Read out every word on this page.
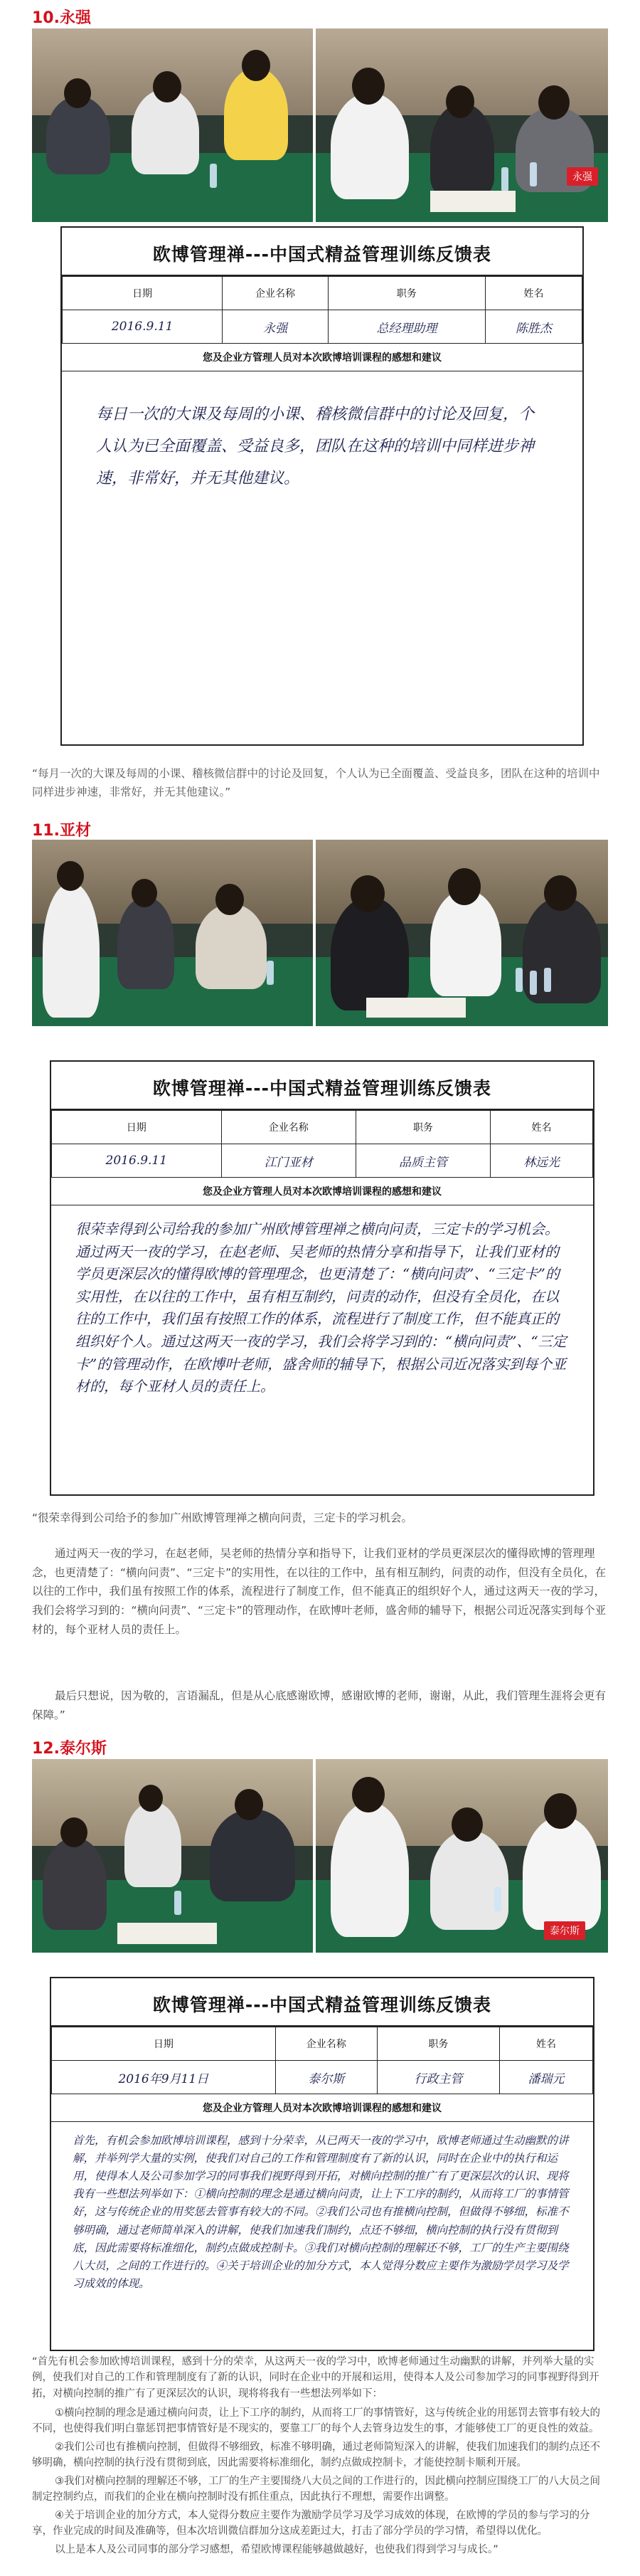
10.永强
永强
欧博管理禅---中国式精益管理训练反馈表
日期	企业名称	职务	姓名
2016.9.11	永强	总经理助理	陈胜杰
您及企业方管理人员对本次欧博培训课程的感想和建议
每日一次的大课及每周的小课、稽核微信群中的讨论及回复，个人认为已全面覆盖、受益良多，团队在这种的培训中同样进步神速，非常好，并无其他建议。
“每月一次的大课及每周的小课、稽核微信群中的讨论及回复，个人认为已全面覆盖、受益良多，团队在这种的培训中同样进步神速，非常好，并无其他建议。”
11.亚材
欧博管理禅---中国式精益管理训练反馈表
日期	企业名称	职务	姓名
2016.9.11	江门亚材	品质主管	林远光
您及企业方管理人员对本次欧博培训课程的感想和建议
很荣幸得到公司给我的参加广州欧博管理禅之横向问责，三定卡的学习机会。通过两天一夜的学习，在赵老师、吴老师的热情分享和指导下，让我们亚材的学员更深层次的懂得欧博的管理理念，也更清楚了：“横向问责”、“三定卡”的实用性，在以往的工作中，虽有相互制约，问责的动作，但没有全员化，在以往的工作中，我们虽有按照工作的体系，流程进行了制度工作，但不能真正的组织好个人。通过这两天一夜的学习，我们会将学习到的：“横向问责”、“三定卡”的管理动作，在欧博叶老师，盛舍师的辅导下，根据公司近况落实到每个亚材的，每个亚材人员的责任上。

“很荣幸得到公司给予的参加广州欧博管理禅之横向问责，三定卡的学习机会。

通过两天一夜的学习，在赵老师，吴老师的热情分享和指导下，让我们亚材的学员更深层次的懂得欧博的管理理念，也更清楚了：“横向问责”、“三定卡”的实用性，在以往的工作中，虽有相互制约，问责的动作，但没有全员化，在以往的工作中，我们虽有按照工作的体系，流程进行了制度工作，但不能真正的组织好个人，通过这两天一夜的学习，我们会将学习到的：“横向问责”、“三定卡”的管理动作，在欧博叶老师，盛舍师的辅导下，根据公司近况落实到每个亚材的，每个亚材人员的责任上。

最后只想说，因为敬的，言语漏乱，但是从心底感谢欧博，感谢欧博的老师，谢谢，从此，我们管理生涯将会更有保障。”

12.泰尔斯
泰尔斯
欧博管理禅---中国式精益管理训练反馈表
日期	企业名称	职务	姓名
2016年9月11日	泰尔斯	行政主管	潘瑞元
您及企业方管理人员对本次欧博培训课程的感想和建议
首先，有机会参加欧博培训课程，感到十分荣幸，从已两天一夜的学习中，欧博老师通过生动幽默的讲解，并举列学大量的实例，使我们对自己的工作和管理制度有了新的认识，同时在企业中的执行和运用，使得本人及公司参加学习的同事我们视野得到开拓，对横向控制的推广有了更深层次的认识、现将我有一些想法列举如下：①横向控制的理念是通过横向问责，让上下工序的制约，从而将工厂的事情管好，这与传统企业的用奖惩去管事有较大的不同。②我们公司也有推横向控制，但做得不够细，标准不够明确，通过老师简单深入的讲解，使我们加速我们制约，点还不够细，横向控制的执行没有贯彻到底，因此需要将标准细化，制约点做成控制卡。③我们对横向控制的理解还不够，工厂的生产主要围绕八大员，之间的工作进行的。④关于培训企业的加分方式，本人觉得分数应主要作为激励学员学习及学习成效的体现。

“首先有机会参加欧博培训课程，感到十分的荣幸，从这两天一夜的学习中，欧博老师通过生动幽默的讲解，并列举大量的实例，使我们对自己的工作和管理制度有了新的认识，同时在企业中的开展和运用，使得本人及公司参加学习的同事视野得到开拓，对横向控制的推广有了更深层次的认识，现将将我有一些想法列举如下：

①横向控制的理念是通过横向问责，让上下工序的制约，从而将工厂的事情管好，这与传统企业的用惩罚去管事有较大的不同，也使得我们明白靠惩罚把事情管好是不现实的，要靠工厂的每个人去管身边发生的事，才能够使工厂的更良性的效益。

②我们公司也有推横向控制，但做得不够细致，标准不够明确，通过老师简短深入的讲解，使我们加速我们的制约点还不够明确，横向控制的执行没有贯彻到底，因此需要将标准细化，制约点做成控制卡，才能使控制卡顺利开展。

③我们对横向控制的理解还不够，工厂的生产主要围绕八大员之间的工作进行的，因此横向控制应围绕工厂的八大员之间制定控制约点，而我们的企业在横向控制时没有抓住重点，因此执行不理想，需要作出调整。

④关于培训企业的加分方式，本人觉得分数应主要作为激励学员学习及学习成效的体现，在欧博的学员的参与学习的分享，作业完成的时间及准确等，但本次培训微信群加分这成差距过大，打击了部分学员的学习情，希望得以优化。

以上是本人及公司同事的部分学习感想，希望欧博课程能够越做越好，也使我们得到学习与成长。”
